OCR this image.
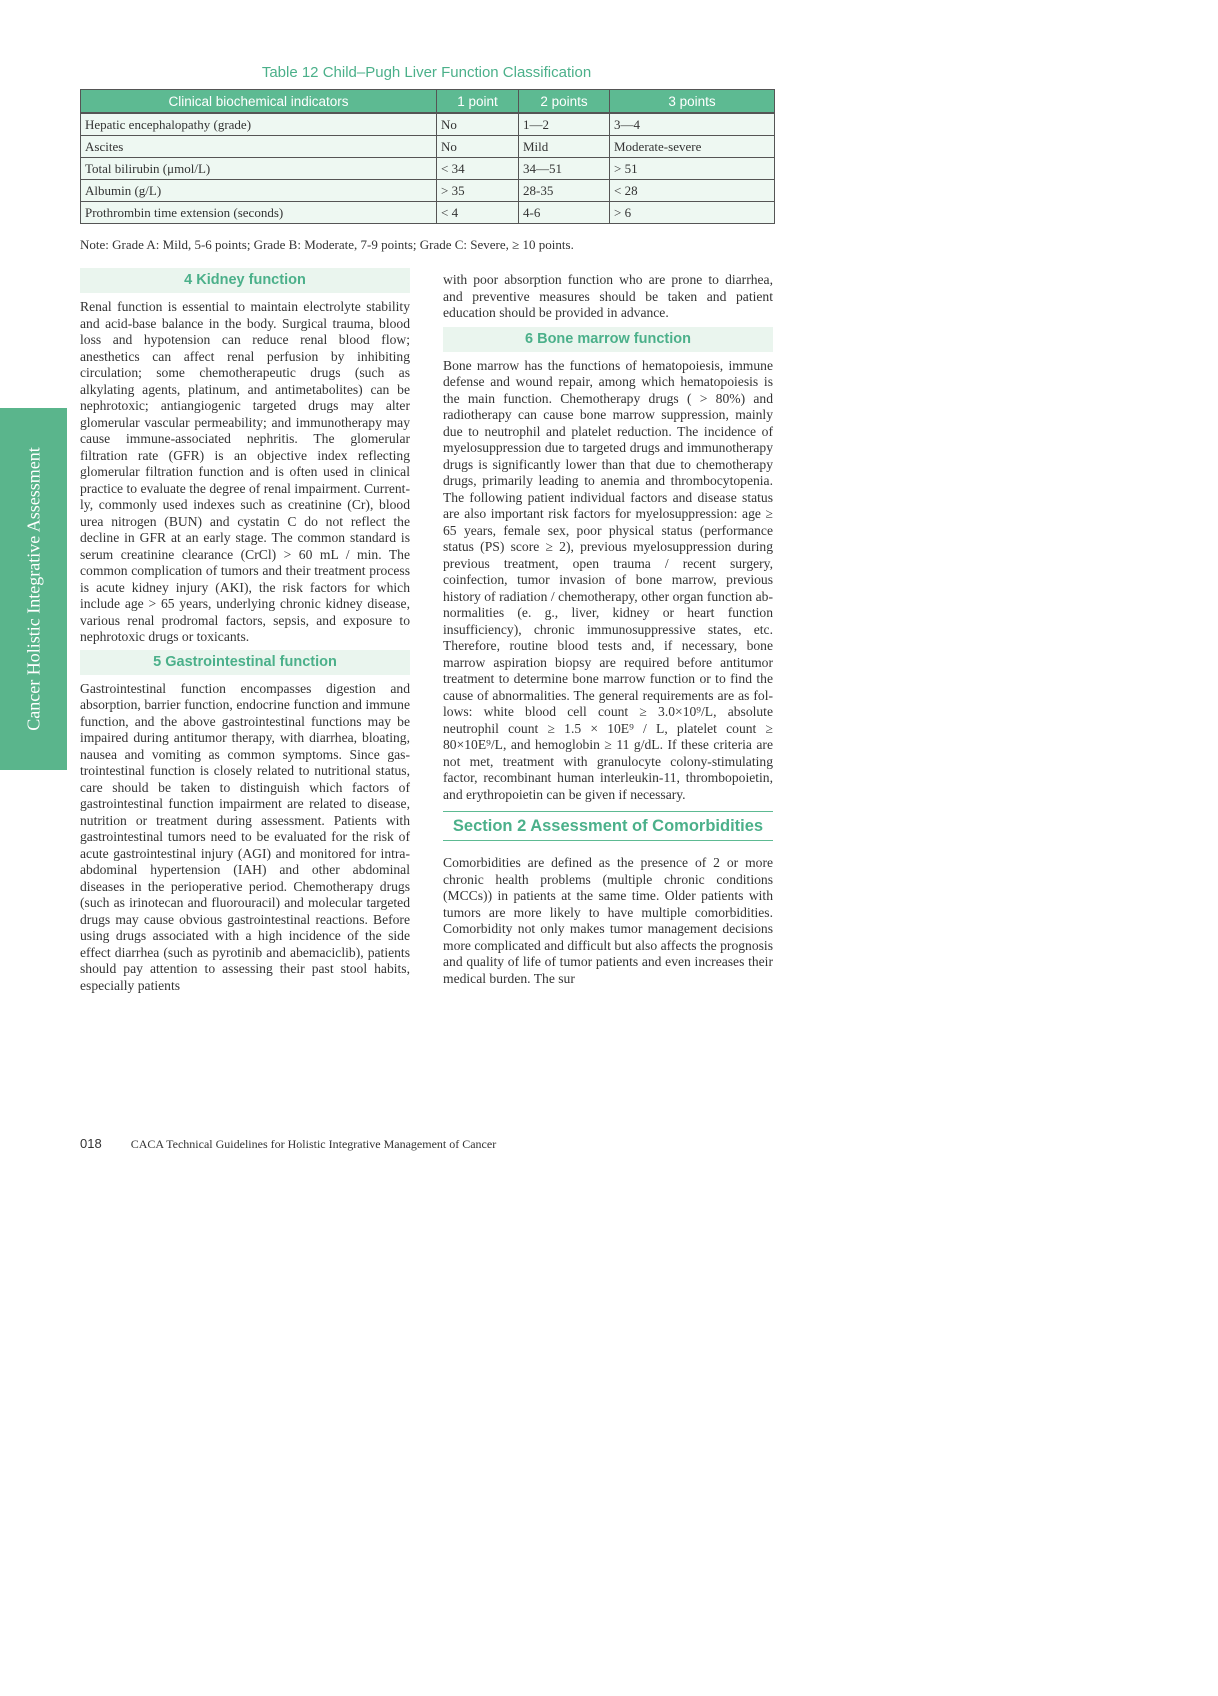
Table 12 Child–Pugh Liver Function Classification
Clinical biochemical indicators	1 point	2 points	3 points
Hepatic encephalopathy (grade)	No	1—2	3—4
Ascites	No	Mild	Moderate-severe
Total bilirubin (μmol/L)	< 34	34—51	> 51
Albumin (g/L)	> 35	28-35	< 28
Prothrombin time extension (seconds)	< 4	4-6	> 6
Note: Grade A: Mild, 5-6 points; Grade B: Moderate, 7-9 points; Grade C: Severe, ≥ 10 points.
Cancer Holistic Integrative Assessment
4 Kidney function

Renal function is essential to maintain electrolyte stability and acid-base balance in the body. Surgical trauma, blood loss and hypotension can reduce renal blood flow; anesthetics can affect renal perfusion by inhibiting circulation; some chemotherapeutic drugs (such as alkylating agents, platinum, and antimetabolites) can be nephrotoxic; antiangiogenic targeted drugs may alter glomerular vascular permeability; and immunotherapy may cause immune-associated nephritis. The glomerular filtration rate (GFR) is an objective index reflecting glomerular filtration function and is often used in clinical practice to evaluate the degree of renal impairment. Currently, commonly used indexes such as creatinine (Cr), blood urea nitrogen (BUN) and cystatin C do not reflect the decline in GFR at an early stage. The common standard is serum creatinine clearance (CrCl) > 60 mL / min. The common complication of tumors and their treatment process is acute kidney injury (AKI), the risk factors for which include age > 65 years, underlying chronic kidney disease, various renal prodromal factors, sepsis, and exposure to nephrotoxic drugs or toxicants.

5 Gastrointestinal function

Gastrointestinal function encompasses digestion and absorption, barrier function, endocrine function and immune function, and the above gastrointestinal functions may be impaired during antitumor therapy, with diarrhea, bloating, nausea and vomiting as common symptoms. Since gastrointestinal function is closely related to nutritional status, care should be taken to distinguish which factors of gastrointestinal function impairment are related to disease, nutrition or treatment during assessment. Patients with gastrointestinal tumors need to be evaluated for the risk of acute gastrointestinal injury (AGI) and monitored for intra-abdominal hypertension (IAH) and other abdominal diseases in the perioperative period. Chemotherapy drugs (such as irinotecan and fluorouracil) and molecular targeted drugs may cause obvious gastrointestinal reactions. Before using drugs associated with a high incidence of the side effect diarrhea (such as pyrotinib and abemaciclib), patients should pay attention to assessing their past stool habits, especially patients

with poor absorption function who are prone to diarrhea, and preventive measures should be taken and patient education should be provided in advance.

6 Bone marrow function

Bone marrow has the functions of hematopoiesis, immune defense and wound repair, among which hematopoiesis is the main function. Chemotherapy drugs ( > 80%) and radiotherapy can cause bone marrow suppression, mainly due to neutrophil and platelet reduction. The incidence of myelosuppression due to targeted drugs and immunotherapy drugs is significantly lower than that due to chemotherapy drugs, primarily leading to anemia and thrombocytopenia. The following patient individual factors and disease status are also important risk factors for myelosuppression: age ≥ 65 years, female sex, poor physical status (performance status (PS) score ≥ 2), previous myelosuppression during previous treatment, open trauma / recent surgery, coinfection, tumor invasion of bone marrow, previous history of radiation / chemotherapy, other organ function abnormalities (e. g., liver, kidney or heart function insufficiency), chronic immunosuppressive states, etc. Therefore, routine blood tests and, if necessary, bone marrow aspiration biopsy are required before antitumor treatment to determine bone marrow function or to find the cause of abnormalities. The general requirements are as follows: white blood cell count ≥ 3.0×10⁹/L, absolute neutrophil count ≥ 1.5 × 10E⁹ / L, platelet count ≥ 80×10E⁹/L, and hemoglobin ≥ 11 g/dL. If these criteria are not met, treatment with granulocyte colony-stimulating factor, recombinant human interleukin-11, thrombopoietin, and erythropoietin can be given if necessary.

Section 2 Assessment of Comorbidities

Comorbidities are defined as the presence of 2 or more chronic health problems (multiple chronic conditions (MCCs)) in patients at the same time. Older patients with tumors are more likely to have multiple comorbidities. Comorbidity not only makes tumor management decisions more complicated and difficult but also affects the prognosis and quality of life of tumor patients and even increases their medical burden. The sur

018 CACA Technical Guidelines for Holistic Integrative Management of Cancer
